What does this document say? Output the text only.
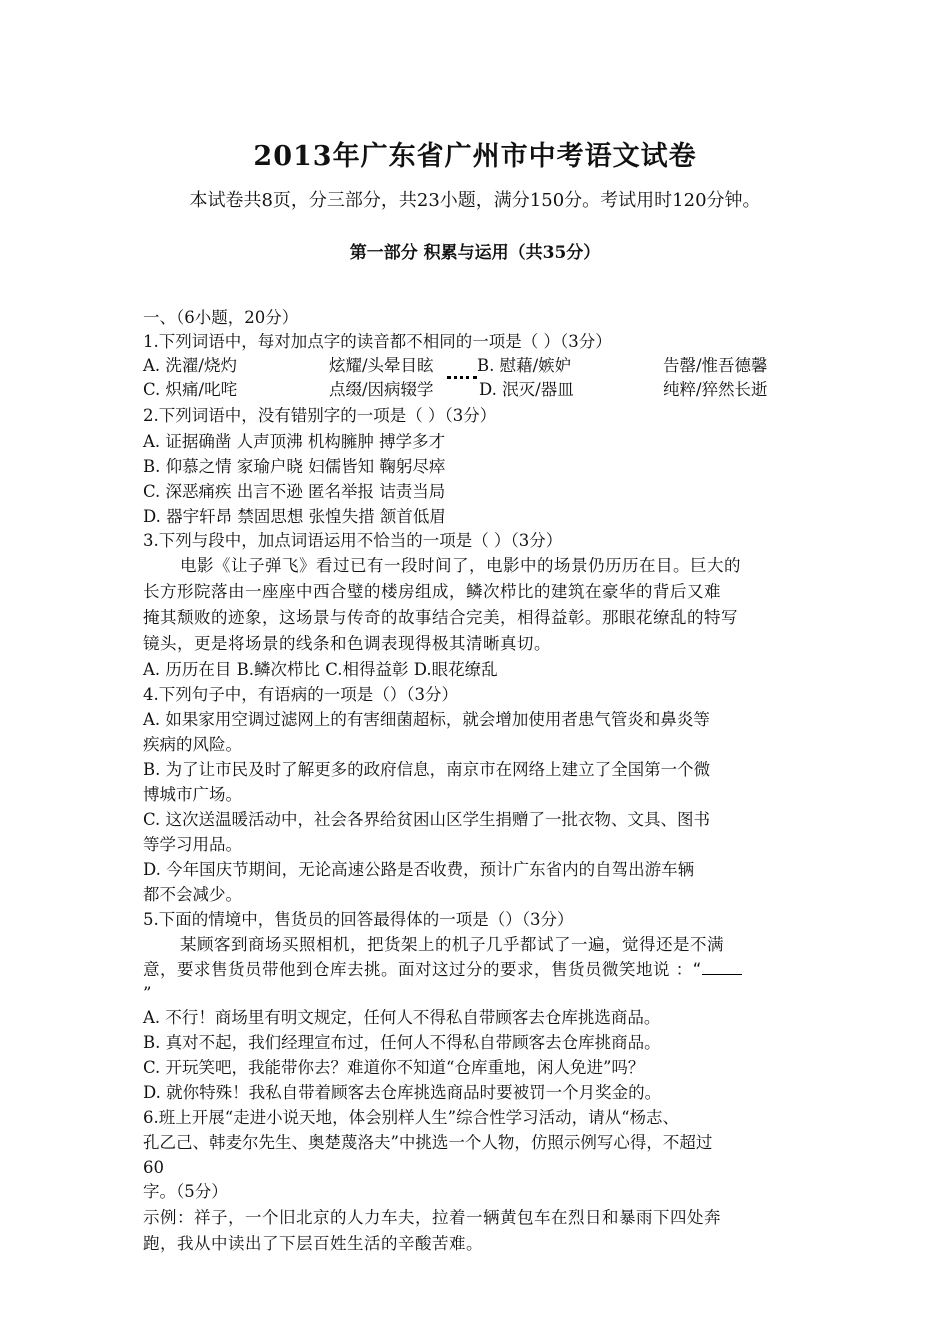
2013年广东省广州市中考语文试卷
本试卷共8页，分三部分，共23小题，满分150分。考试用时120分钟。
第一部分 积累与运用（共35分）
一、（6小题，20分）
1.下列词语中，每对加点字的读音都不相同的一项是（ ）（3分）
A. 洗濯/烧灼	炫耀/头晕目眩	B. 慰藉/嫉妒	告罄/惟吾德馨
C. 炽痛/叱咤	点缀/因病辍学	D. 泯灭/器皿	纯粹/猝然长逝
2.下列词语中，没有错别字的一项是（ ）（3分）
A. 证据确凿 人声顶沸 机构臃肿 搏学多才
B. 仰慕之情 家瑜户晓 妇儒皆知 鞠躬尽瘁
C. 深恶痛疾 出言不逊 匿名举报 诘责当局
D. 器宇轩昂 禁固思想 张惶失措 颔首低眉
3.下列与段中，加点词语运用不恰当的一项是（ ）（3分）
电影《让子弹飞》看过已有一段时间了，电影中的场景仍历历在目。巨大的
长方形院落由一座座中西合璧的楼房组成，鳞次栉比的建筑在豪华的背后又难
掩其颓败的迹象，这场景与传奇的故事结合完美，相得益彰。那眼花缭乱的特写
镜头，更是将场景的线条和色调表现得极其清晰真切。
A. 历历在目 B.鳞次栉比 C.相得益彰 D.眼花缭乱
4.下列句子中，有语病的一项是（）（3分）
A. 如果家用空调过滤网上的有害细菌超标，就会增加使用者患气管炎和鼻炎等
疾病的风险。
B. 为了让市民及时了解更多的政府信息，南京市在网络上建立了全国第一个微
博城市广场。
C. 这次送温暖活动中，社会各界给贫困山区学生捐赠了一批衣物、文具、图书
等学习用品。
D. 今年国庆节期间，无论高速公路是否收费，预计广东省内的自驾出游车辆
都不会减少。
5.下面的情境中，售货员的回答最得体的一项是（）（3分）
某顾客到商场买照相机，把货架上的机子几乎都试了一遍，觉得还是不满
意，要求售货员带他到仓库去挑。面对这过分的要求，售货员微笑地说 ：“
”
A. 不行！商场里有明文规定，任何人不得私自带顾客去仓库挑选商品。
B. 真对不起，我们经理宣布过，任何人不得私自带顾客去仓库挑商品。
C. 开玩笑吧，我能带你去？难道你不知道“仓库重地，闲人免进”吗？
D. 就你特殊！我私自带着顾客去仓库挑选商品时要被罚一个月奖金的。
6.班上开展“走进小说天地，体会别样人生”综合性学习活动，请从“杨志、
孔乙己、韩麦尔先生、奥楚蔑洛夫”中挑选一个人物，仿照示例写心得，不超过
60
字。（5分）
示例：祥子，一个旧北京的人力车夫，拉着一辆黄包车在烈日和暴雨下四处奔
跑，我从中读出了下层百姓生活的辛酸苦难。
